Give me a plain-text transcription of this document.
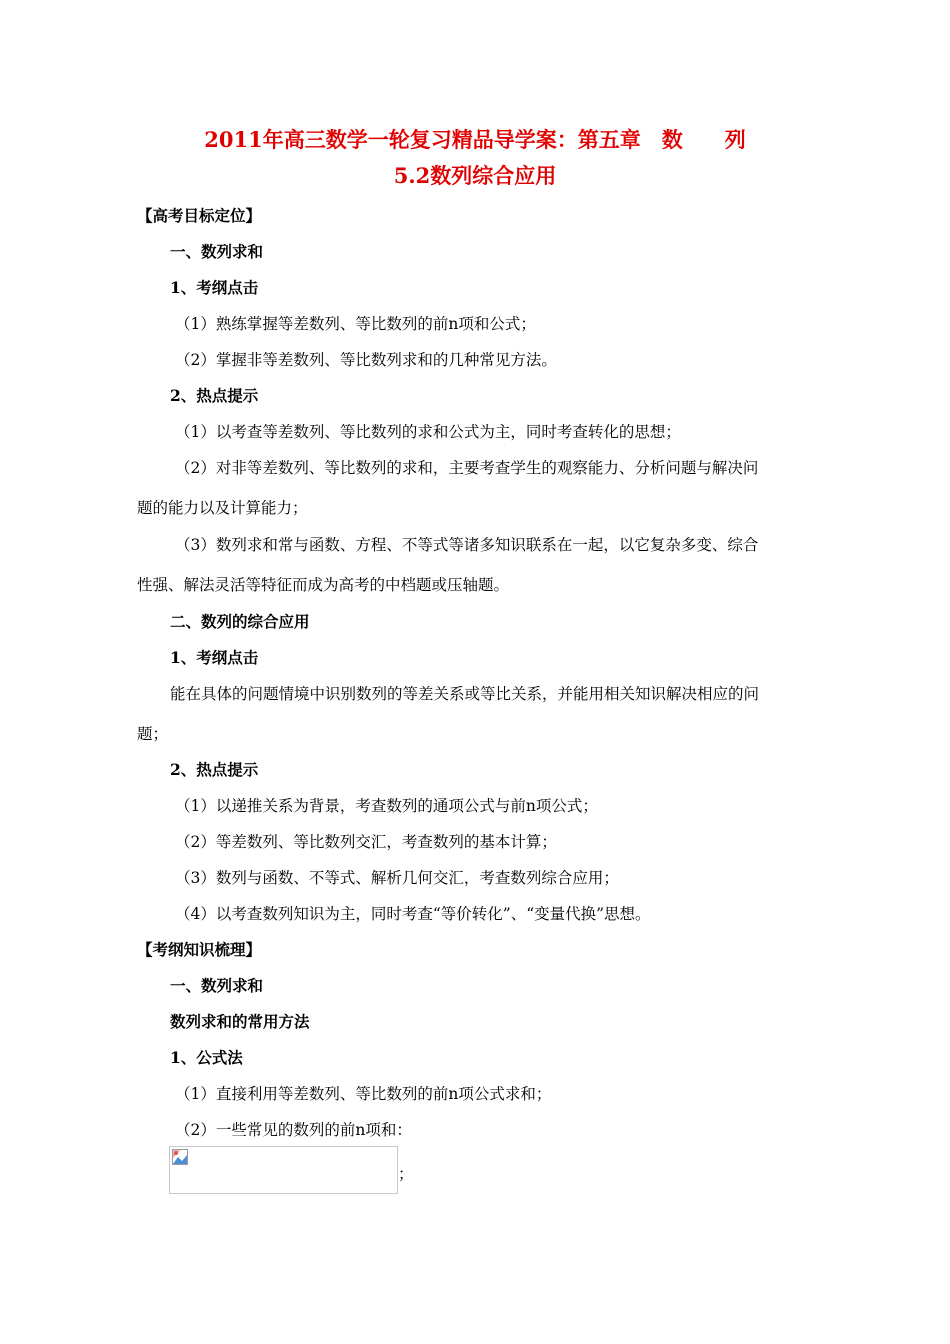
2011年高三数学一轮复习精品导学案：第五章　数　　列
5.2数列综合应用
【高考目标定位】
一、数列求和
1、考纲点击
（1）熟练掌握等差数列、等比数列的前n项和公式；
（2）掌握非等差数列、等比数列求和的几种常见方法。
2、热点提示
（1）以考查等差数列、等比数列的求和公式为主，同时考查转化的思想；
（2）对非等差数列、等比数列的求和，主要考查学生的观察能力、分析问题与解决问
题的能力以及计算能力；
（3）数列求和常与函数、方程、不等式等诸多知识联系在一起，以它复杂多变、综合
性强、解法灵活等特征而成为高考的中档题或压轴题。
二、数列的综合应用
1、考纲点击
能在具体的问题情境中识别数列的等差关系或等比关系，并能用相关知识解决相应的问
题；
2、热点提示
（1）以递推关系为背景，考查数列的通项公式与前n项公式；
（2）等差数列、等比数列交汇，考查数列的基本计算；
（3）数列与函数、不等式、解析几何交汇，考查数列综合应用；
（4）以考查数列知识为主，同时考查“等价转化”、“变量代换”思想。
【考纲知识梳理】
一、数列求和
数列求和的常用方法
1、公式法
（1）直接利用等差数列、等比数列的前n项公式求和；
（2）一些常见的数列的前n项和：
；
